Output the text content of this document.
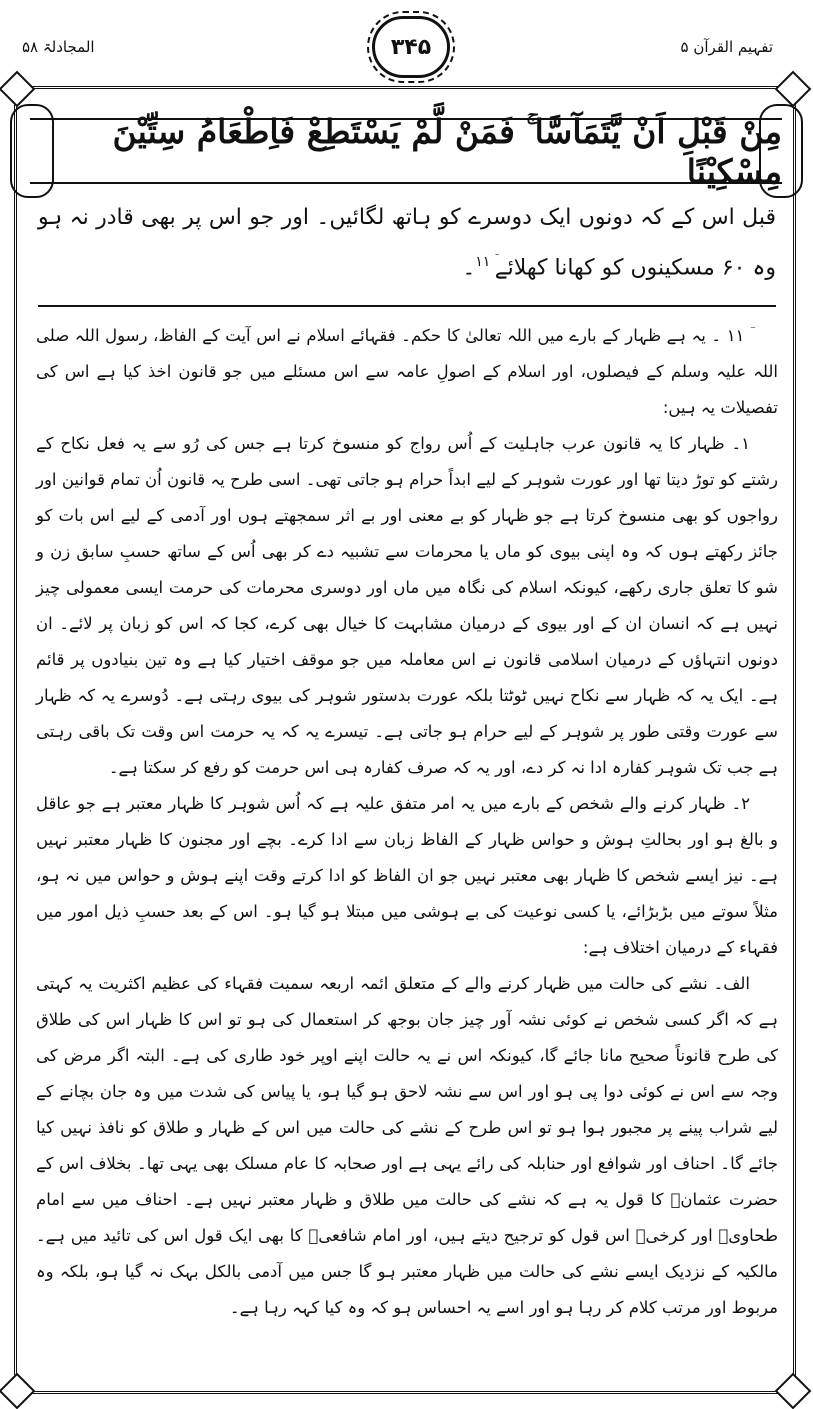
المجادلۃ ۵۸	۳۴۵	تفہیم القرآن ۵
مِنْ قَبْلِ اَنْ يَّتَمَآسَّا ۚ فَمَنْ لَّمْ يَسْتَطِعْ فَاِطْعَامُ سِتِّيْنَ مِسْكِيْنًا
قبل اس کے کہ دونوں ایک دوسرے کو ہاتھ لگائیں۔ اور جو اس پر بھی قادر نہ ہو وہ ۶۰ مسکینوں کو کھانا کھلائے$^{ؔ ۱۱}$۔

ؔ ۱۱ ۔ یہ ہے ظہار کے بارے میں اللہ تعالیٰ کا حکم۔ فقہائے اسلام نے اس آیت کے الفاظ، رسول اللہ صلی اللہ علیہ وسلم کے فیصلوں، اور اسلام کے اصولِ عامہ سے اس مسئلے میں جو قانون اخذ کیا ہے اس کی تفصیلات یہ ہیں:

۱۔ ظہار کا یہ قانون عرب جاہلیت کے اُس رواج کو منسوخ کرتا ہے جس کی رُو سے یہ فعل نکاح کے رشتے کو توڑ دیتا تھا اور عورت شوہر کے لیے ابداً حرام ہو جاتی تھی۔ اسی طرح یہ قانون اُن تمام قوانین اور رواجوں کو بھی منسوخ کرتا ہے جو ظہار کو بے معنی اور بے اثر سمجھتے ہوں اور آدمی کے لیے اس بات کو جائز رکھتے ہوں کہ وہ اپنی بیوی کو ماں یا محرمات سے تشبیہ دے کر بھی اُس کے ساتھ حسبِ سابق زن و شو کا تعلق جاری رکھے، کیونکہ اسلام کی نگاہ میں ماں اور دوسری محرمات کی حرمت ایسی معمولی چیز نہیں ہے کہ انسان ان کے اور بیوی کے درمیان مشابہت کا خیال بھی کرے، کجا کہ اس کو زبان پر لائے۔ ان دونوں انتہاؤں کے درمیان اسلامی قانون نے اس معاملہ میں جو موقف اختیار کیا ہے وہ تین بنیادوں پر قائم ہے۔ ایک یہ کہ ظہار سے نکاح نہیں ٹوٹتا بلکہ عورت بدستور شوہر کی بیوی رہتی ہے۔ دُوسرے یہ کہ ظہار سے عورت وقتی طور پر شوہر کے لیے حرام ہو جاتی ہے۔ تیسرے یہ کہ یہ حرمت اس وقت تک باقی رہتی ہے جب تک شوہر کفارہ ادا نہ کر دے، اور یہ کہ صرف کفارہ ہی اس حرمت کو رفع کر سکتا ہے۔

۲۔ ظہار کرنے والے شخص کے بارے میں یہ امر متفق علیہ ہے کہ اُس شوہر کا ظہار معتبر ہے جو عاقل و بالغ ہو اور بحالتِ ہوش و حواس ظہار کے الفاظ زبان سے ادا کرے۔ بچے اور مجنون کا ظہار معتبر نہیں ہے۔ نیز ایسے شخص کا ظہار بھی معتبر نہیں جو ان الفاظ کو ادا کرتے وقت اپنے ہوش و حواس میں نہ ہو، مثلاً سوتے میں بڑبڑائے، یا کسی نوعیت کی بے ہوشی میں مبتلا ہو گیا ہو۔ اس کے بعد حسبِ ذیل امور میں فقہاء کے درمیان اختلاف ہے:

الف۔ نشے کی حالت میں ظہار کرنے والے کے متعلق ائمہ اربعہ سمیت فقہاء کی عظیم اکثریت یہ کہتی ہے کہ اگر کسی شخص نے کوئی نشہ آور چیز جان بوجھ کر استعمال کی ہو تو اس کا ظہار اس کی طلاق کی طرح قانوناً صحیح مانا جائے گا، کیونکہ اس نے یہ حالت اپنے اوپر خود طاری کی ہے۔ البتہ اگر مرض کی وجہ سے اس نے کوئی دوا پی ہو اور اس سے نشہ لاحق ہو گیا ہو، یا پیاس کی شدت میں وہ جان بچانے کے لیے شراب پینے پر مجبور ہوا ہو تو اس طرح کے نشے کی حالت میں اس کے ظہار و طلاق کو نافذ نہیں کیا جائے گا۔ احناف اور شوافع اور حنابلہ کی رائے یہی ہے اور صحابہ کا عام مسلک بھی یہی تھا۔ بخلاف اس کے حضرت عثمانؓ کا قول یہ ہے کہ نشے کی حالت میں طلاق و ظہار معتبر نہیں ہے۔ احناف میں سے امام طحاویؒ اور کرخیؒ اس قول کو ترجیح دیتے ہیں، اور امام شافعیؒ کا بھی ایک قول اس کی تائید میں ہے۔ مالکیہ کے نزدیک ایسے نشے کی حالت میں ظہار معتبر ہو گا جس میں آدمی بالکل بہک نہ گیا ہو، بلکہ وہ مربوط اور مرتب کلام کر رہا ہو اور اسے یہ احساس ہو کہ وہ کیا کہہ رہا ہے۔
